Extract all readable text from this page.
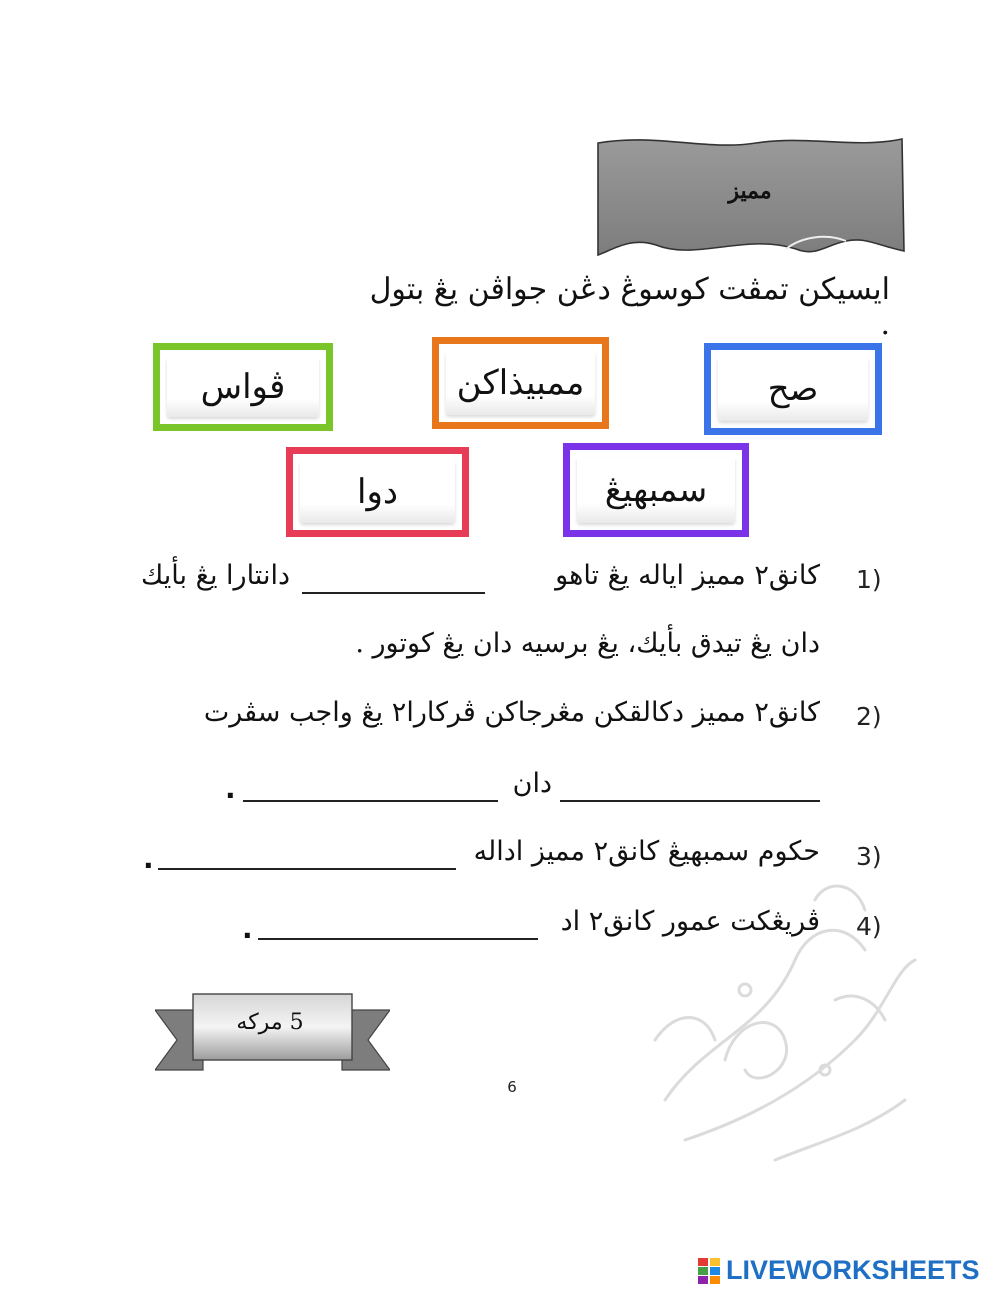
مميز
ايسيكن تمڤت كوسوڠ دڠن جواڤن يڠ بتول .
صح
ممبيذاكن
ڤواس
سمبهيڠ
دوا
1)
كانق٢ مميز اياله يڠ تاهو
دانتارا يڠ بأيك
دان يڠ تيدق بأيك، يڠ برسيه دان يڠ كوتور .
2)
كانق٢ مميز دكالقكن مڠرجاكن ڤركارا٢ يڠ واجب سڤرت
دان
.
3)
حكوم سمبهيڠ كانق٢ مميز اداله
.
4)
ڤريڠكت عمور كانق٢ اد
.
5 مركه
6
LIVEWORKSHEETS
